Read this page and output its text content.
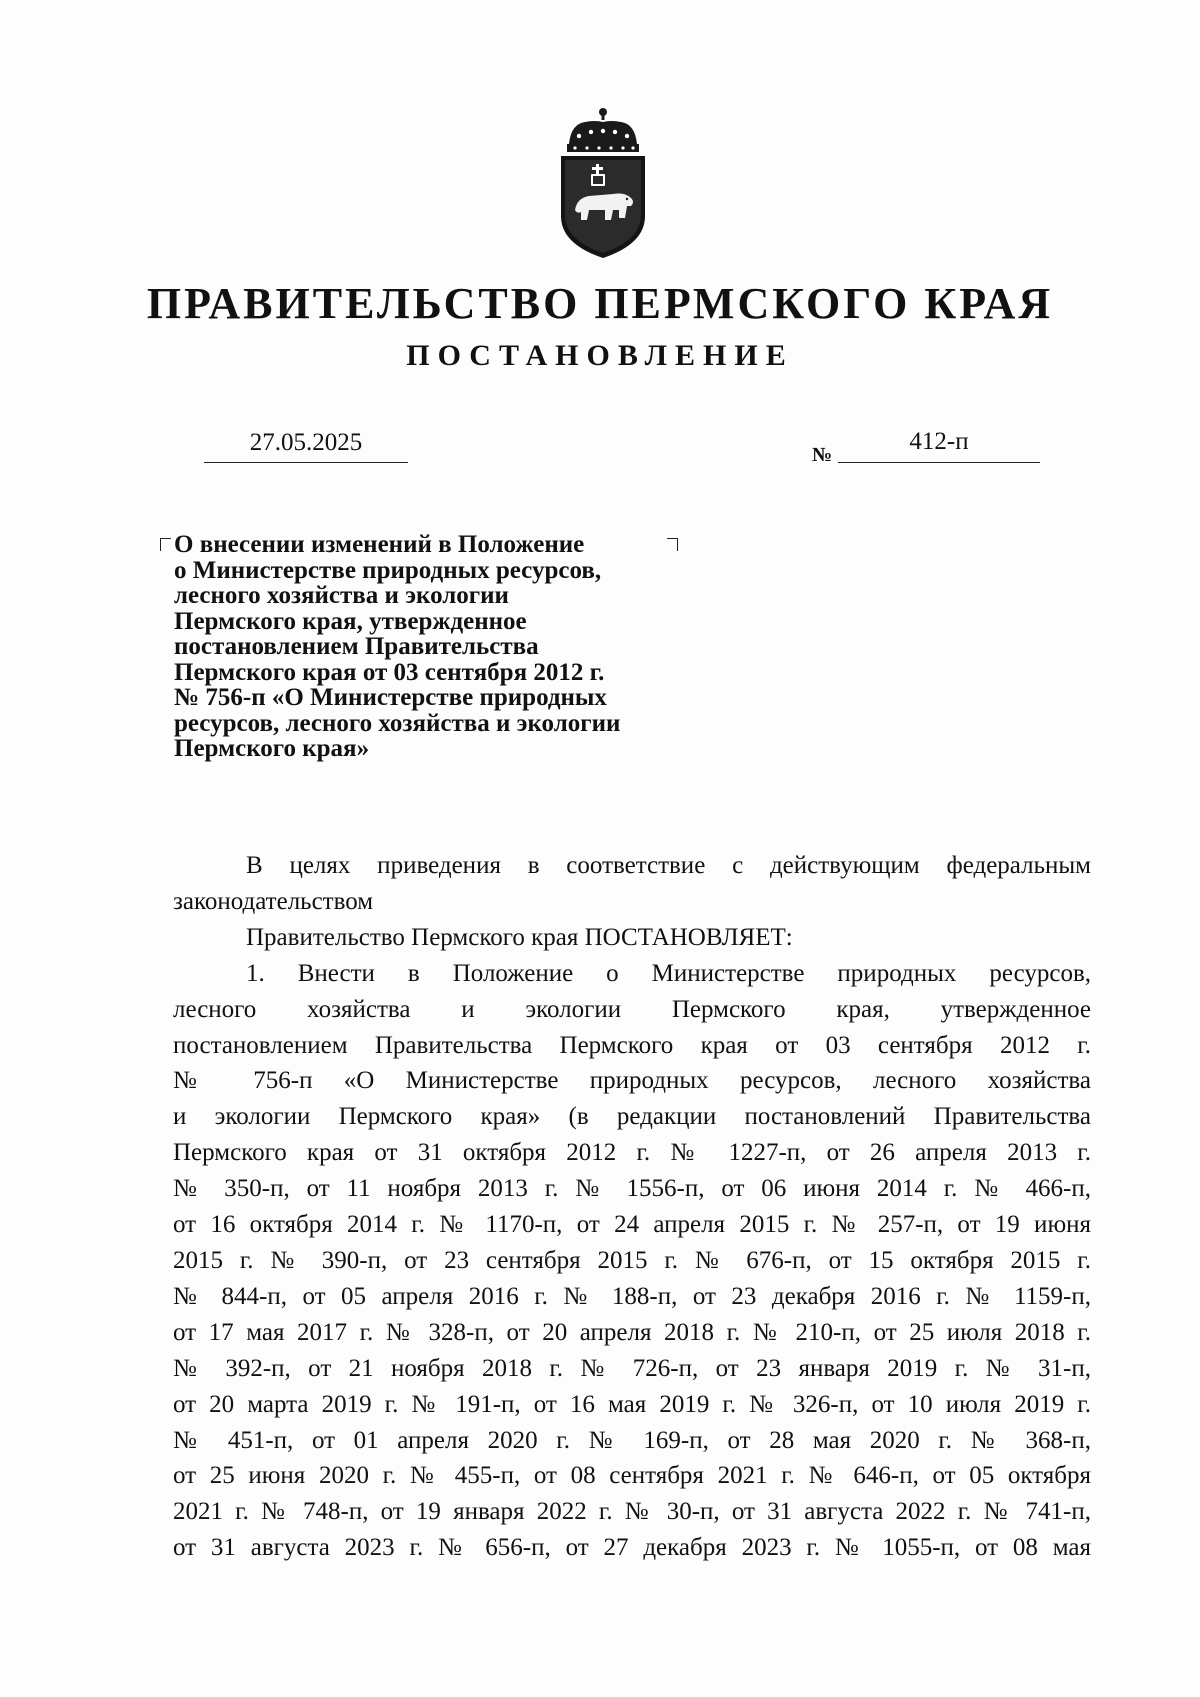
ПРАВИТЕЛЬСТВО ПЕРМСКОГО КРАЯ
ПОСТАНОВЛЕНИЕ
27.05.2025	№	412-п
О внесении изменений в Положение
о Министерстве природных ресурсов,
лесного хозяйства и экологии
Пермского края, утвержденное
постановлением Правительства
Пермского края от 03 сентября 2012 г.
№ 756-п «О Министерстве природных
ресурсов, лесного хозяйства и экологии
Пермского края»
В целях приведения в соответствие с действующим федеральным
законодательством
Правительство Пермского края ПОСТАНОВЛЯЕТ:
1. Внести в Положение о Министерстве природных ресурсов,
лесного хозяйства и экологии Пермского края, утвержденное
постановлением Правительства Пермского края от 03 сентября 2012 г.
№ 756-п «О Министерстве природных ресурсов, лесного хозяйства
и экологии Пермского края» (в редакции постановлений Правительства
Пермского края от 31 октября 2012 г. № 1227-п, от 26 апреля 2013 г.
№ 350-п, от 11 ноября 2013 г. № 1556-п, от 06 июня 2014 г. № 466-п,
от 16 октября 2014 г. № 1170-п, от 24 апреля 2015 г. № 257-п, от 19 июня
2015 г. № 390-п, от 23 сентября 2015 г. № 676-п, от 15 октября 2015 г.
№ 844-п, от 05 апреля 2016 г. № 188-п, от 23 декабря 2016 г. № 1159-п,
от 17 мая 2017 г. № 328-п, от 20 апреля 2018 г. № 210-п, от 25 июля 2018 г.
№ 392-п, от 21 ноября 2018 г. № 726-п, от 23 января 2019 г. № 31-п,
от 20 марта 2019 г. № 191-п, от 16 мая 2019 г. № 326-п, от 10 июля 2019 г.
№ 451-п, от 01 апреля 2020 г. № 169-п, от 28 мая 2020 г. № 368-п,
от 25 июня 2020 г. № 455-п, от 08 сентября 2021 г. № 646-п, от 05 октября
2021 г. № 748-п, от 19 января 2022 г. № 30-п, от 31 августа 2022 г. № 741-п,
от 31 августа 2023 г. № 656-п, от 27 декабря 2023 г. № 1055-п, от 08 мая
